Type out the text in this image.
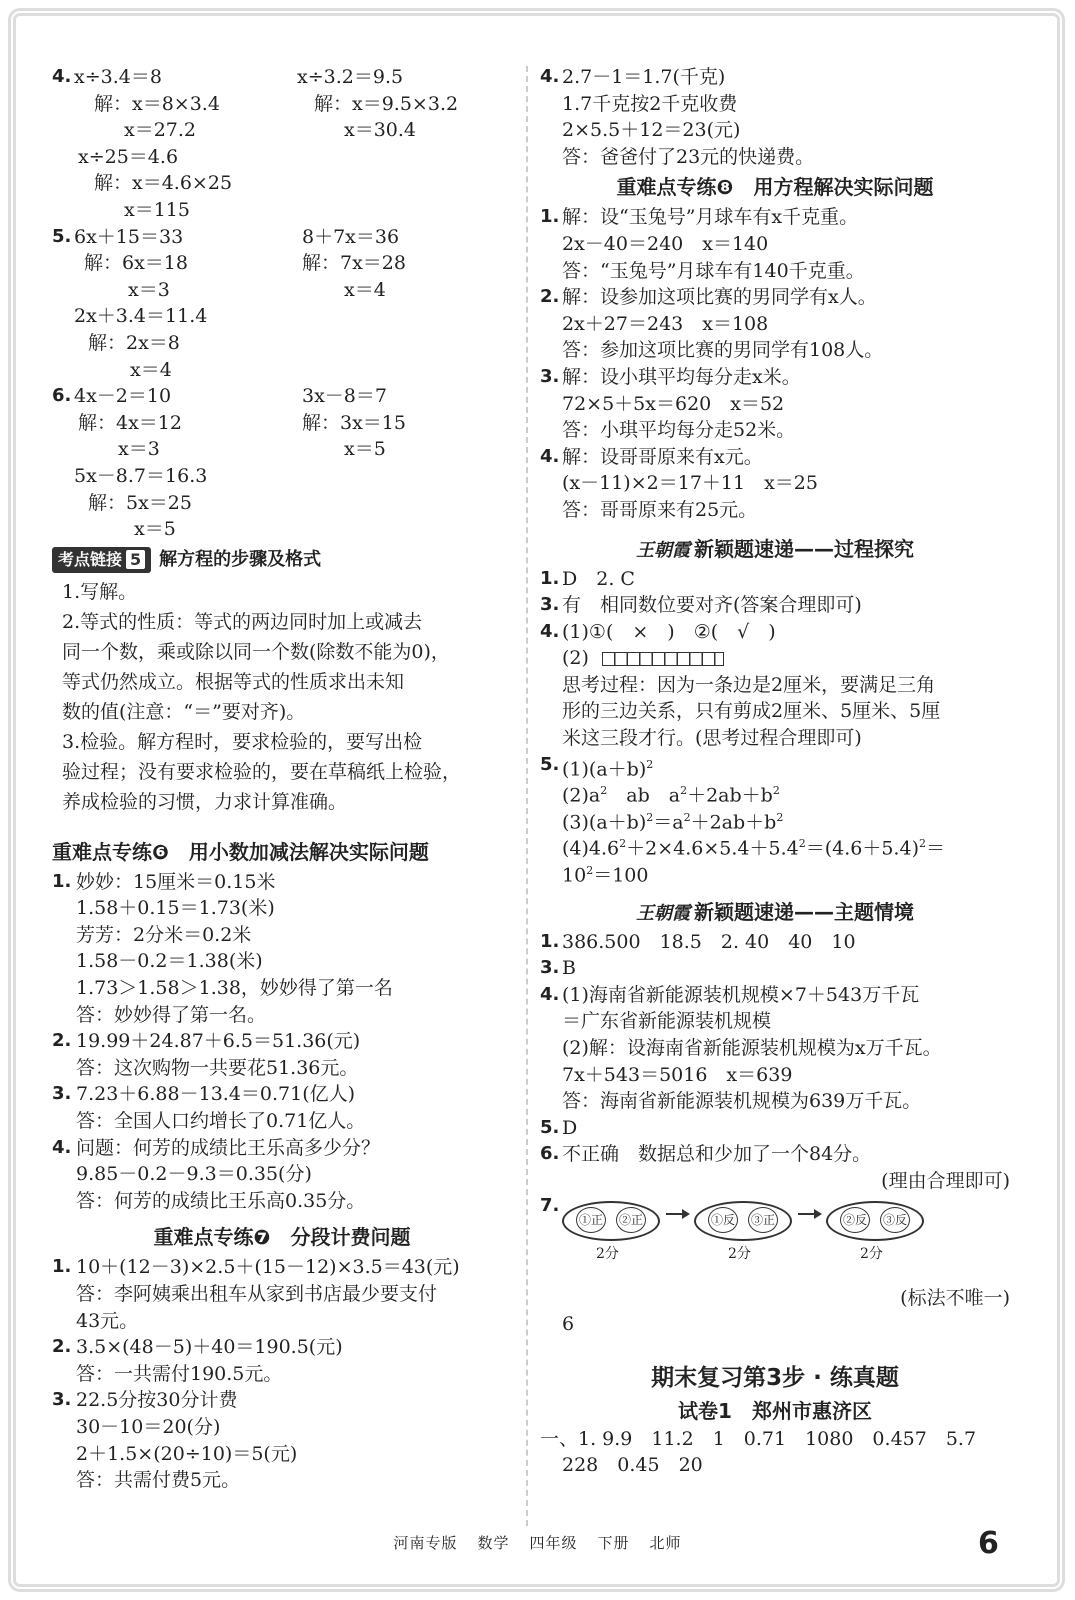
4. x÷3.4＝8	x÷3.2＝9.5
解：x＝8×3.4	解：x＝9.5×3.2
x＝27.2	x＝30.4
x÷25＝4.6
解：x＝4.6×25
x＝115
5. 6x＋15＝33	8＋7x＝36
解：6x＝18	解：7x＝28
x＝3	x＝4
2x＋3.4＝11.4
解：2x＝8
x＝4
6. 4x－2＝10	3x－8＝7
解：4x＝12	解：3x＝15
x＝3	x＝5
5x－8.7＝16.3
解：5x＝25
x＝5
考点链接 5 解方程的步骤及格式
1.写解。
2.等式的性质：等式的两边同时加上或减去
同一个数，乘或除以同一个数(除数不能为0)，
等式仍然成立。根据等式的性质求出未知
数的值(注意：“＝”要对齐)。
3.检验。解方程时，要求检验的，要写出检
验过程；没有要求检验的，要在草稿纸上检验，
养成检验的习惯，力求计算准确。
重难点专练❻　用小数加减法解决实际问题
1. 妙妙：15厘米＝0.15米
1.58＋0.15＝1.73(米)
芳芳：2分米＝0.2米
1.58－0.2＝1.38(米)
1.73＞1.58＞1.38，妙妙得了第一名
答：妙妙得了第一名。
2. 19.99＋24.87＋6.5＝51.36(元)
答：这次购物一共要花51.36元。
3. 7.23＋6.88－13.4＝0.71(亿人)
答：全国人口约增长了0.71亿人。
4. 问题：何芳的成绩比王乐高多少分？
9.85－0.2－9.3＝0.35(分)
答：何芳的成绩比王乐高0.35分。
重难点专练❼　分段计费问题
1. 10＋(12－3)×2.5＋(15－12)×3.5＝43(元)
答：李阿姨乘出租车从家到书店最少要支付
43元。
2. 3.5×(48－5)＋40＝190.5(元)
答：一共需付190.5元。
3. 22.5分按30分计费
30－10＝20(分)
2＋1.5×(20÷10)＝5(元)
答：共需付费5元。
4. 2.7－1＝1.7(千克)
1.7千克按2千克收费
2×5.5＋12＝23(元)
答：爸爸付了23元的快递费。
重难点专练❽　用方程解决实际问题
1. 解：设“玉兔号”月球车有x千克重。
2x－40＝240　x＝140
答：“玉兔号”月球车有140千克重。
2. 解：设参加这项比赛的男同学有x人。
2x＋27＝243　x＝108
答：参加这项比赛的男同学有108人。
3. 解：设小琪平均每分走x米。
72×5＋5x＝620　x＝52
答：小琪平均每分走52米。
4. 解：设哥哥原来有x元。
(x－11)×2＝17＋11　x＝25
答：哥哥原来有25元。
王朝霞 新颖题速递——过程探究
1. D　2. C
3. 有　相同数位要对齐(答案合理即可)
4. (1)①(　×　)　②(　√　)
(2)
思考过程：因为一条边是2厘米，要满足三角
形的三边关系，只有剪成2厘米、5厘米、5厘
米这三段才行。(思考过程合理即可)
5. $(1)(a+b)^2$
$(2)a^2$　ab　$a^2+2ab+b^2$
$(3)(a+b)^2=a^2+2ab+b^2$
$(4)4.6^2+2\times 4.6\times 5.4+5.4^2=(4.6+5.4)^2=$
$10^2=100$
王朝霞 新颖题速递——主题情境
1. 386.500　18.5　2. 40　40　10
3. B
4. (1)海南省新能源装机规模×7＋543万千瓦
＝广东省新能源装机规模
(2)解：设海南省新能源装机规模为x万千瓦。
7x＋543＝5016　x＝639
答：海南省新能源装机规模为639万千瓦。
5. D
6. 不正确　数据总和少加了一个84分。
(理由合理即可)
7.
①正 ②正
2分
①反 ③正
2分
②反 ③反
2分
(标法不唯一)
6
期末复习第3步 · 练真题
试卷1　郑州市惠济区
一、1. 9.9　11.2　1　0.71　1080　0.457　5.7
228　0.45　20
河南专版 数学 四年级 下册 北师	6
